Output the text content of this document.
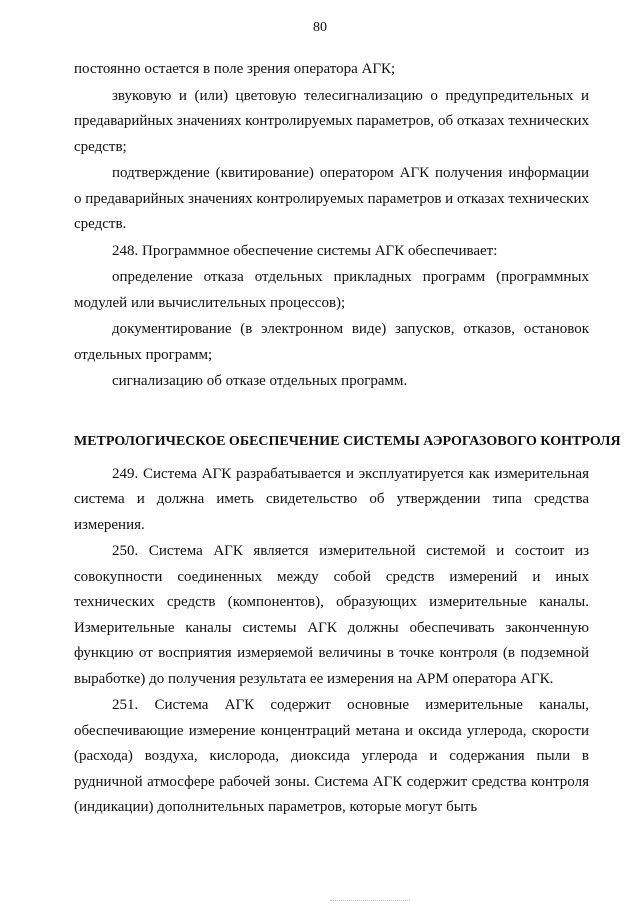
80

постоянно остается в поле зрения оператора АГК;

звуковую и (или) цветовую телесигнализацию о предупредительных и предаварийных значениях контролируемых параметров, об отказах технических средств;

подтверждение (квитирование) оператором АГК получения информации о предаварийных значениях контролируемых параметров и отказах технических средств.

248. Программное обеспечение системы АГК обеспечивает:

определение отказа отдельных прикладных программ (программных модулей или вычислительных процессов);

документирование (в электронном виде) запусков, отказов, остановок отдельных программ;

сигнализацию об отказе отдельных программ.

МЕТРОЛОГИЧЕСКОЕ ОБЕСПЕЧЕНИЕ СИСТЕМЫ АЭРОГАЗОВОГО КОНТРОЛЯ

249. Система АГК разрабатывается и эксплуатируется как измерительная система и должна иметь свидетельство об утверждении типа средства измерения.

250. Система АГК является измерительной системой и состоит из совокупности соединенных между собой средств измерений и иных технических средств (компонентов), образующих измерительные каналы. Измерительные каналы системы АГК должны обеспечивать законченную функцию от восприятия измеряемой величины в точке контроля (в подземной выработке) до получения результата ее измерения на АРМ оператора АГК.

251. Система АГК содержит основные измерительные каналы, обеспечивающие измерение концентраций метана и оксида углерода, скорости (расхода) воздуха, кислорода, диоксида углерода и содержания пыли в рудничной атмосфере рабочей зоны. Система АГК содержит средства контроля (индикации) дополнительных параметров, которые могут быть
